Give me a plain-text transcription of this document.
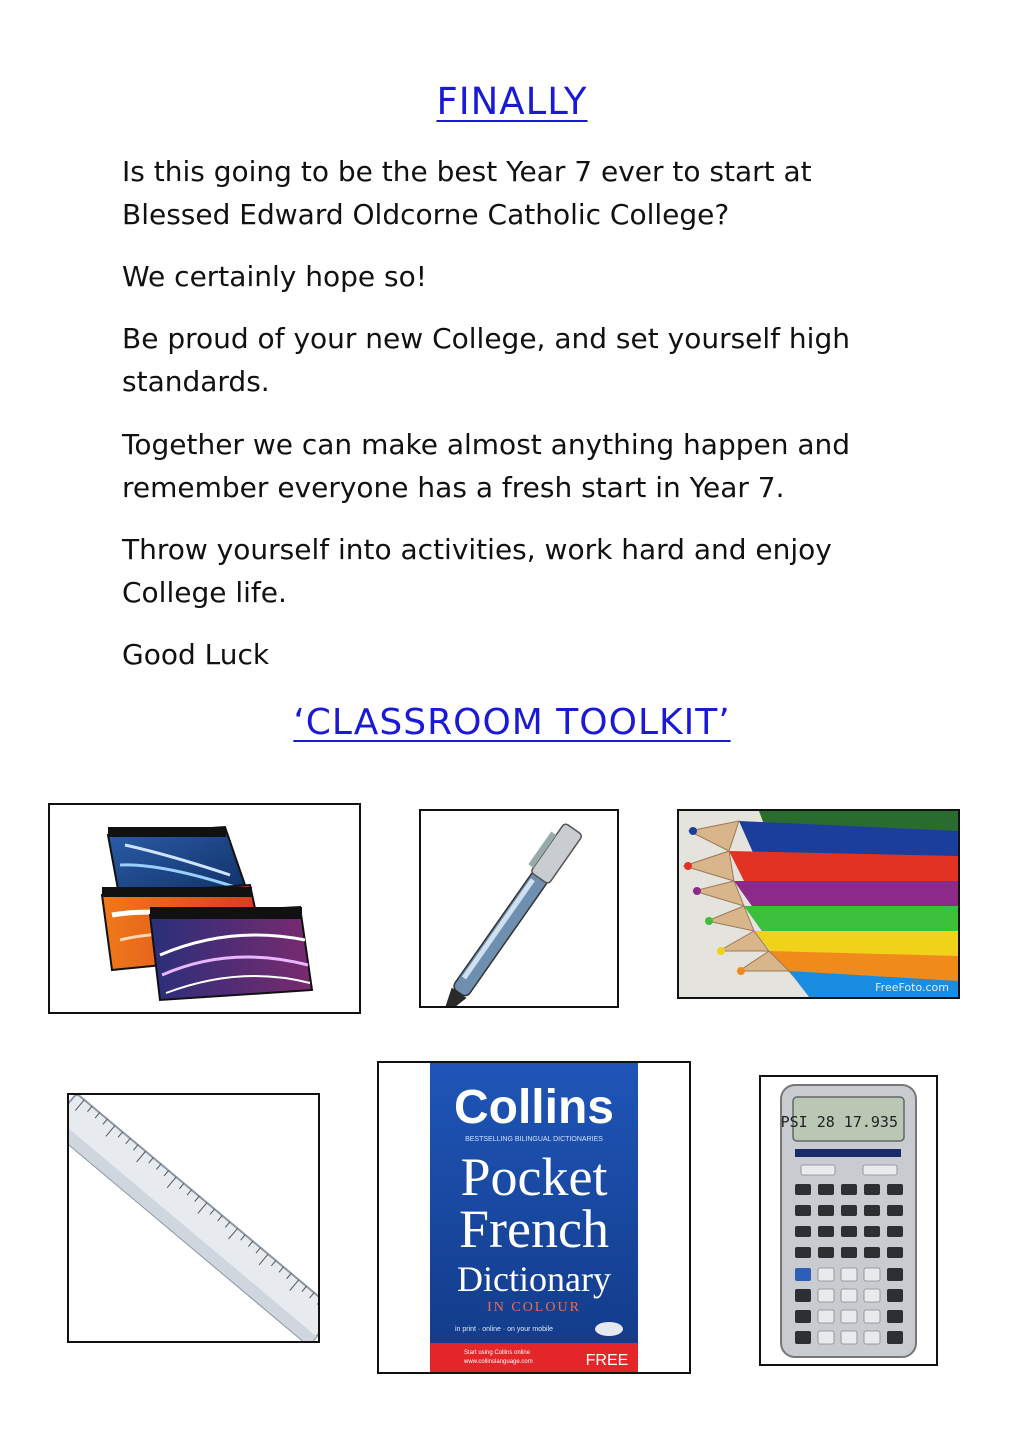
FINALLY

Is this going to be the best Year 7 ever to start at Blessed Edward Oldcorne Catholic College?

We certainly hope so!

Be proud of your new College, and set yourself high standards.

Together we can make almost anything happen and remember everyone has a fresh start in Year 7.

Throw yourself into activities, work hard and enjoy College life.

Good Luck

‘CLASSROOM TOOLKIT’
FreeFoto.com
Collins
BESTSELLING BILINGUAL DICTIONARIES
Pocket
French
Dictionary
IN COLOUR
in print · online · on your mobile
Start using Collins online
www.collinslanguage.com	FREE
PSI 28 17.935
